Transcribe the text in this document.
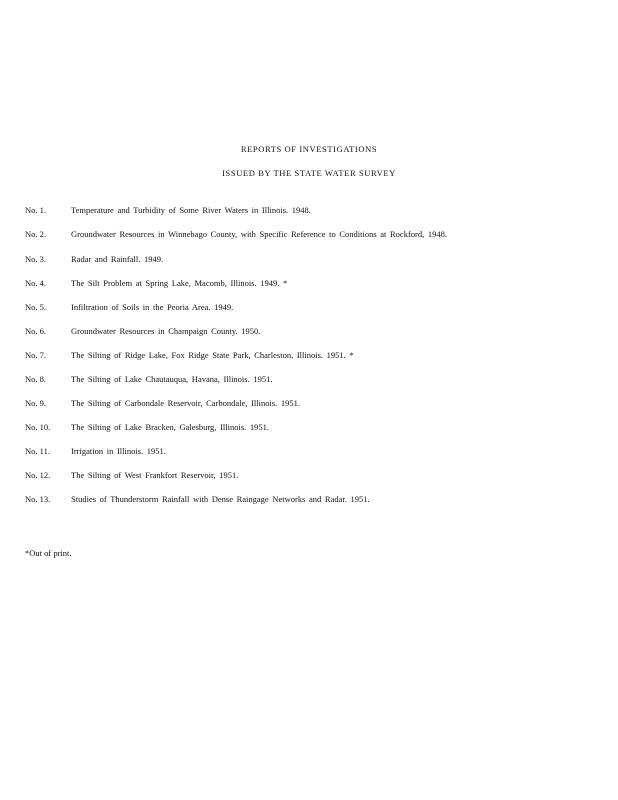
REPORTS OF INVESTIGATIONS
ISSUED BY THE STATE WATER SURVEY
No. 1.	Temperature and Turbidity of Some River Waters in Illinois. 1948.
No. 2.	Groundwater Resources in Winnebago County, with Specific Reference to Conditions at Rockford, 1948.
No. 3.	Radar and Rainfall. 1949.
No. 4.	The Silt Problem at Spring Lake, Macomb, Illinois. 1949. *
No. 5.	Infiltration of Soils in the Peoria Area. 1949.
No. 6.	Groundwater Resources in Champaign County. 1950.
No. 7.	The Silting of Ridge Lake, Fox Ridge State Park, Charleston, Illinois. 1951. *
No. 8.	The Silting of Lake Chautauqua, Havana, Illinois. 1951.
No. 9.	The Silting of Carbondale Reservoir, Carbondale, Illinois. 1951.
No. 10. The Silting of Lake Bracken, Galesburg, Illinois. 1951.
No. 11. Irrigation in Illinois. 1951.
No. 12. The Silting of West Frankfort Reservoir, 1951.
No. 13. Studies of Thunderstorm Rainfall with Dense Raingage Networks and Radar. 1951.
*Out of print.
